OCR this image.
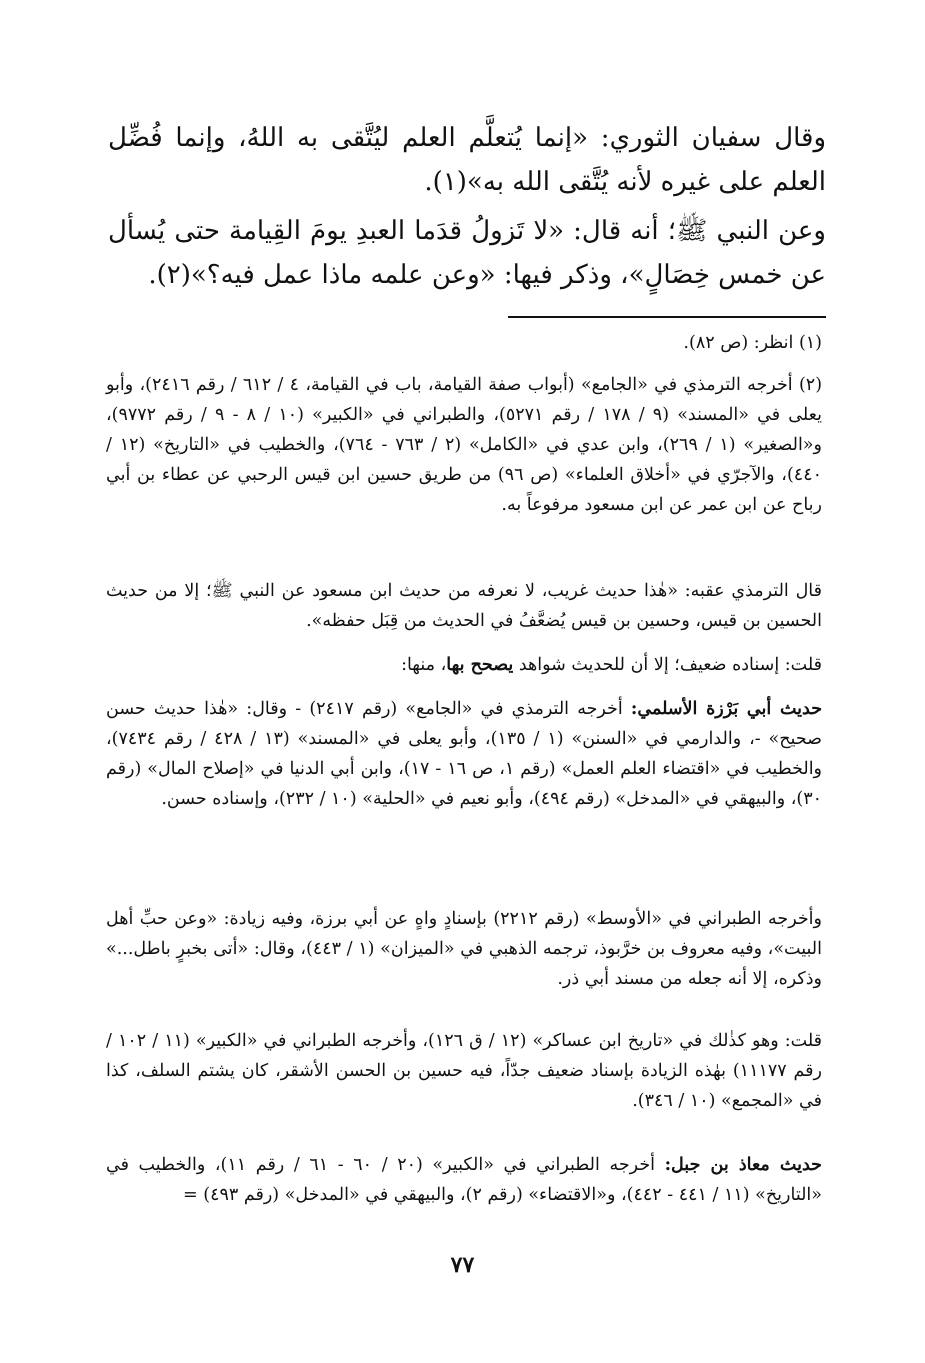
وقال سفيان الثوري: «إنما يُتعلَّم العلم ليُتَّقى به اللهُ، وإنما فُضِّل العلم على غيره لأنه يُتَّقى الله به»(١).

وعن النبي ﷺ؛ أنه قال: «لا تَزولُ قدَما العبدِ يومَ القِيامة حتى يُسأل عن خمس خِصَالٍ»، وذكر فيها: «وعن علمه ماذا عمل فيه؟»(٢).

(١) انظر: (ص ٨٢).

(٢) أخرجه الترمذي في «الجامع» (أبواب صفة القيامة، باب في القيامة، ٤ / ٦١٢ / رقم ٢٤١٦)، وأبو يعلى في «المسند» (٩ / ١٧٨ / رقم ٥٢٧١)، والطبراني في «الكبير» (١٠ / ٨ - ٩ / رقم ٩٧٧٢)، و«الصغير» (١ / ٢٦٩)، وابن عدي في «الكامل» (٢ / ٧٦٣ - ٧٦٤)، والخطيب في «التاريخ» (١٢ / ٤٤٠)، والآجرّي في «أخلاق العلماء» (ص ٩٦) من طريق حسين ابن قيس الرحبي عن عطاء بن أبي رباح عن ابن عمر عن ابن مسعود مرفوعاً به.

قال الترمذي عقبه: «هٰذا حديث غريب، لا نعرفه من حديث ابن مسعود عن النبي ﷺ؛ إلا من حديث الحسين بن قيس، وحسين بن قيس يُضعَّفُ في الحديث من قِبَل حفظه».

قلت: إسناده ضعيف؛ إلا أن للحديث شواهد يصحح بها، منها:

حديث أبي بَرْزة الأسلمي: أخرجه الترمذي في «الجامع» (رقم ٢٤١٧) - وقال: «هٰذا حديث حسن صحيح» -، والدارمي في «السنن» (١ / ١٣٥)، وأبو يعلى في «المسند» (١٣ / ٤٢٨ / رقم ٧٤٣٤)، والخطيب في «اقتضاء العلم العمل» (رقم ١، ص ١٦ - ١٧)، وابن أبي الدنيا في «إصلاح المال» (رقم ٣٠)، والبيهقي في «المدخل» (رقم ٤٩٤)، وأبو نعيم في «الحلية» (١٠ / ٢٣٢)، وإسناده حسن.

وأخرجه الطبراني في «الأوسط» (رقم ٢٢١٢) بإسنادٍ واهٍ عن أبي برزة، وفيه زيادة: «وعن حبِّ أهل البيت»، وفيه معروف بن خرَّبوذ، ترجمه الذهبي في «الميزان» (١ / ٤٤٣)، وقال: «أتى بخبرٍ باطل...» وذكره، إلا أنه جعله من مسند أبي ذر.

قلت: وهو كذٰلك في «تاريخ ابن عساكر» (١٢ / ق ١٢٦)، وأخرجه الطبراني في «الكبير» (١١ / ١٠٢ / رقم ١١١٧٧) بهٰذه الزيادة بإسناد ضعيف جدّاً، فيه حسين بن الحسن الأشقر، كان يشتم السلف، كذا في «المجمع» (١٠ / ٣٤٦).

حديث معاذ بن جبل: أخرجه الطبراني في «الكبير» (٢٠ / ٦٠ - ٦١ / رقم ١١)، والخطيب في «التاريخ» (١١ / ٤٤١ - ٤٤٢)، و«الاقتضاء» (رقم ٢)، والبيهقي في «المدخل» (رقم ٤٩٣) =

٧٧
